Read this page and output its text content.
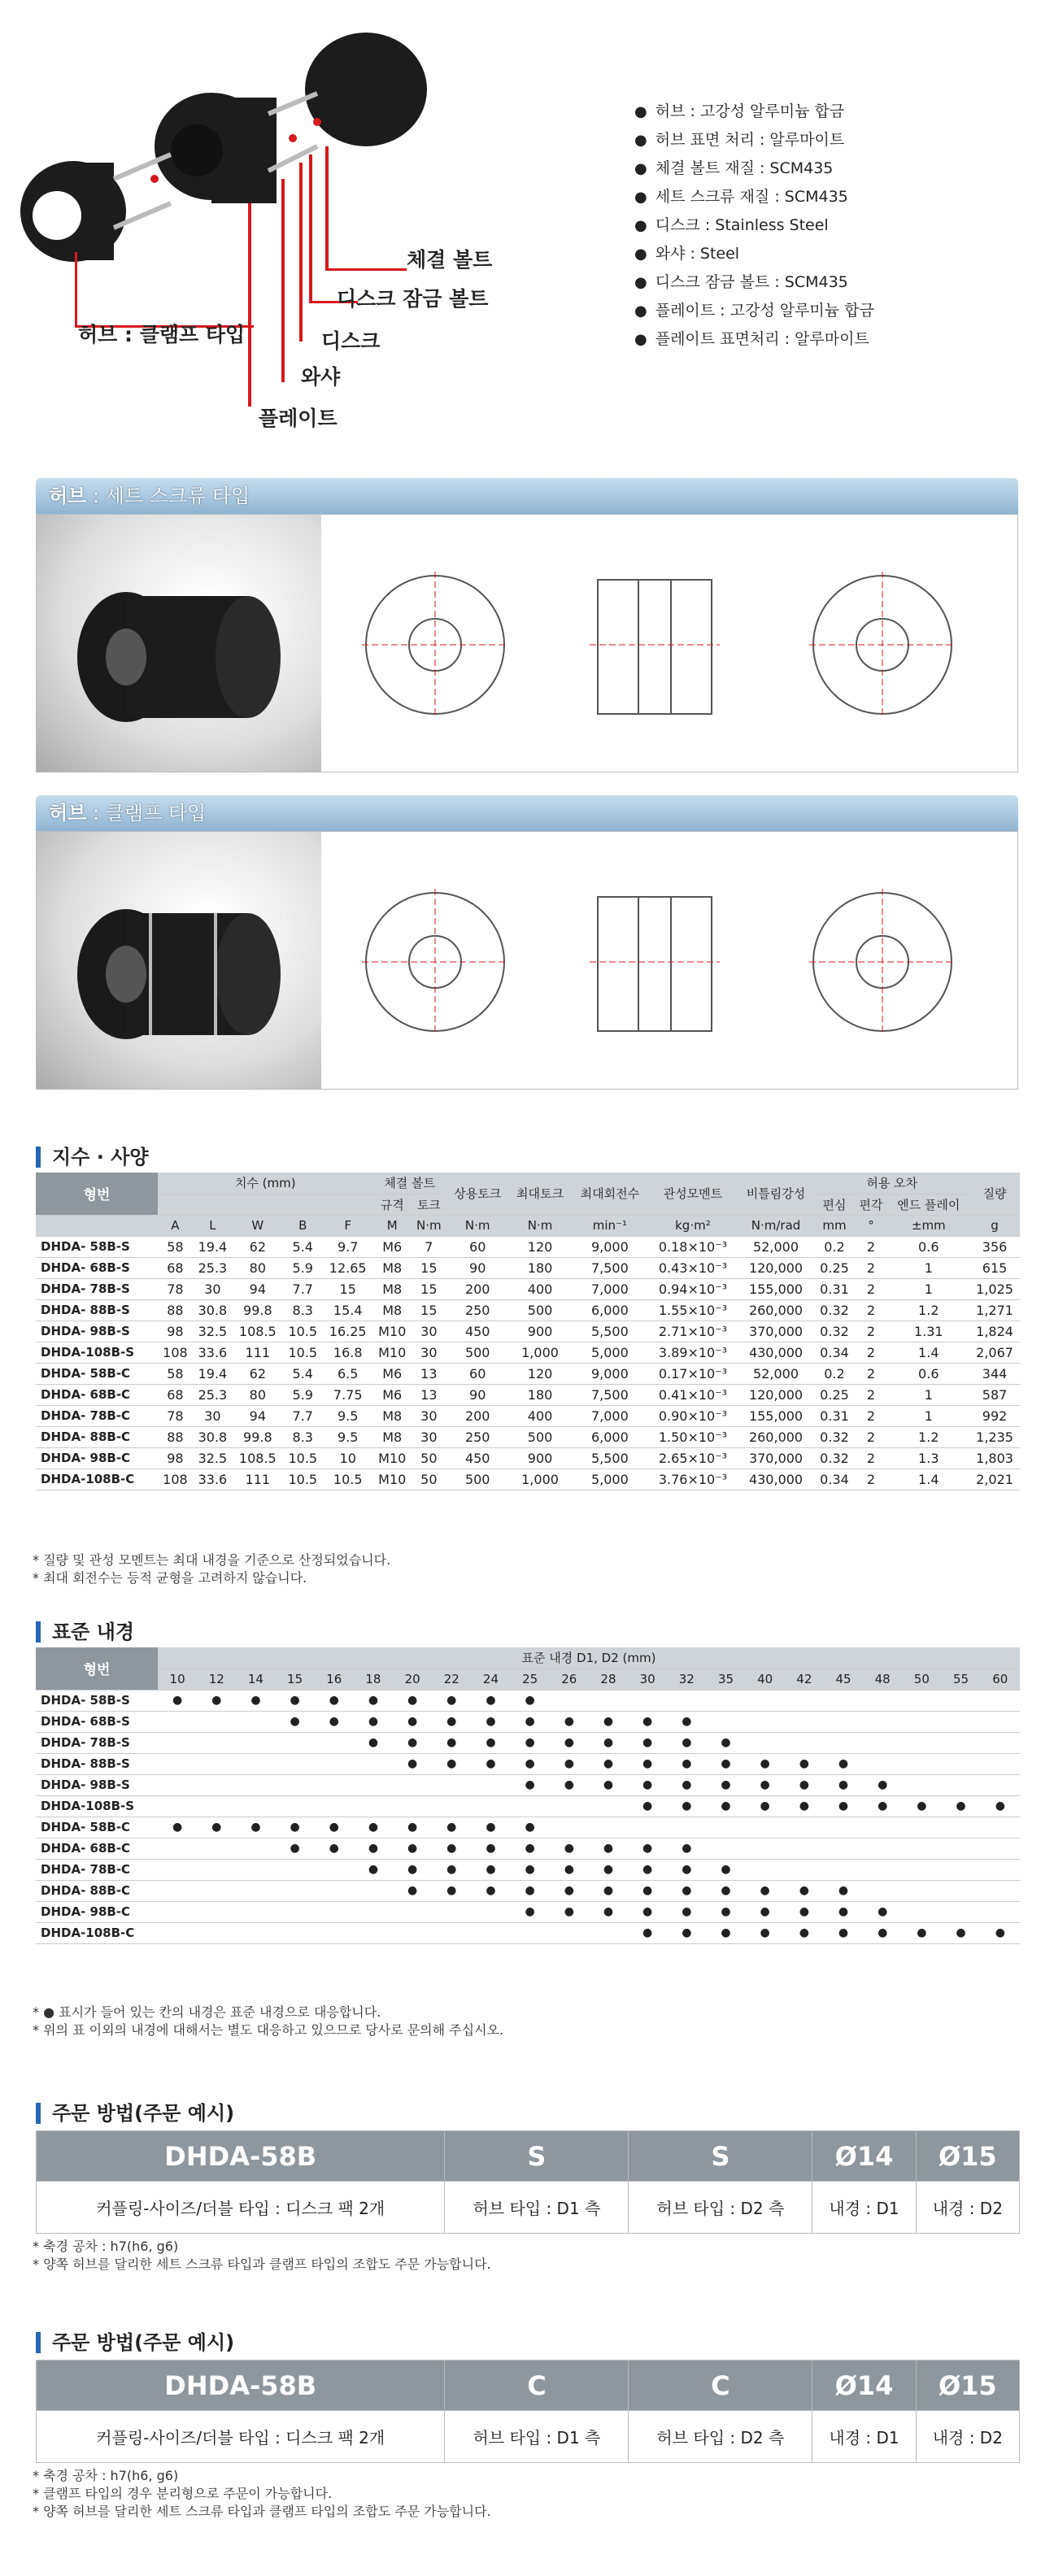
체결 볼트
디스크 잠금 볼트
허브 : 클램프 타입	디스크
와샤
플레이트
● 허브 : 고강성 알루미늄 합금
● 허브 표면 처리 : 알루마이트
● 체결 볼트 재질 : SCM435
● 세트 스크류 재질 : SCM435
● 디스크 : Stainless Steel
● 와샤 : Steel
● 디스크 잠금 볼트 : SCM435
● 플레이트 : 고강성 알루미늄 합금
● 플레이트 표면처리 : 알루마이트
허브 : 세트 스크류 타입
허브 : 클램프 타입
지수 · 사양
형번	치수 (mm)					체결 볼트		상용토크	최대토크	최대회전수	관성모멘트	비틀림강성	허용 오차			질량
						규격	토크						편심	편각	엔드 플레이	
	A	L	W	B	F	M	N·m	N·m	N·m	min⁻¹	kg·m²	N·m/rad	mm	°	±mm	g
DHDA- 58B-S	58	19.4	62	5.4	9.7	M6	7	60	120	9,000	0.18×10⁻³	52,000	0.2	2	0.6	356
DHDA- 68B-S	68	25.3	80	5.9	12.65	M8	15	90	180	7,500	0.43×10⁻³	120,000	0.25	2	1	615
DHDA- 78B-S	78	30	94	7.7	15	M8	15	200	400	7,000	0.94×10⁻³	155,000	0.31	2	1	1,025
DHDA- 88B-S	88	30.8	99.8	8.3	15.4	M8	15	250	500	6,000	1.55×10⁻³	260,000	0.32	2	1.2	1,271
DHDA- 98B-S	98	32.5	108.5	10.5	16.25	M10	30	450	900	5,500	2.71×10⁻³	370,000	0.32	2	1.31	1,824
DHDA-108B-S	108	33.6	111	10.5	16.8	M10	30	500	1,000	5,000	3.89×10⁻³	430,000	0.34	2	1.4	2,067
DHDA- 58B-C	58	19.4	62	5.4	6.5	M6	13	60	120	9,000	0.17×10⁻³	52,000	0.2	2	0.6	344
DHDA- 68B-C	68	25.3	80	5.9	7.75	M6	13	90	180	7,500	0.41×10⁻³	120,000	0.25	2	1	587
DHDA- 78B-C	78	30	94	7.7	9.5	M8	30	200	400	7,000	0.90×10⁻³	155,000	0.31	2	1	992
DHDA- 88B-C	88	30.8	99.8	8.3	9.5	M8	30	250	500	6,000	1.50×10⁻³	260,000	0.32	2	1.2	1,235
DHDA- 98B-C	98	32.5	108.5	10.5	10	M10	50	450	900	5,500	2.65×10⁻³	370,000	0.32	2	1.3	1,803
DHDA-108B-C	108	33.6	111	10.5	10.5	M10	50	500	1,000	5,000	3.76×10⁻³	430,000	0.34	2	1.4	2,021
* 질량 및 관성 모멘트는 최대 내경을 기준으로 산정되었습니다.
* 최대 회전수는 등적 균형을 고려하지 않습니다.
표준 내경
형번	표준 내경 D1, D2 (mm)																					
	10	12	14	15	16	18	20	22	24	25	26	28	30	32	35	40	42	45	48	50	55	60
DHDA- 58B-S	●	●	●	●	●	●	●	●	●	●												
DHDA- 68B-S				●	●	●	●	●	●	●	●	●	●	●								
DHDA- 78B-S						●	●	●	●	●	●	●	●	●	●							
DHDA- 88B-S							●	●	●	●	●	●	●	●	●	●	●	●				
DHDA- 98B-S										●	●	●	●	●	●	●	●	●	●			
DHDA-108B-S													●	●	●	●	●	●	●	●	●	●
DHDA- 58B-C	●	●	●	●	●	●	●	●	●	●												
DHDA- 68B-C				●	●	●	●	●	●	●	●	●	●	●								
DHDA- 78B-C						●	●	●	●	●	●	●	●	●	●							
DHDA- 88B-C							●	●	●	●	●	●	●	●	●	●	●	●				
DHDA- 98B-C										●	●	●	●	●	●	●	●	●	●			
DHDA-108B-C													●	●	●	●	●	●	●	●	●	●
* ● 표시가 들어 있는 칸의 내경은 표준 내경으로 대응합니다.
* 위의 표 이외의 내경에 대해서는 별도 대응하고 있으므로 당사로 문의해 주십시오.
주문 방법(주문 예시)
DHDA-58B	S	S	Ø14	Ø15
커플링-사이즈/더블 타입 : 디스크 팩 2개	허브 타입 : D1 측	허브 타입 : D2 측	내경 : D1	내경 : D2
* 축경 공차 : h7(h6, g6)
* 양쪽 허브를 달리한 세트 스크류 타입과 클램프 타입의 조합도 주문 가능합니다.
주문 방법(주문 예시)
DHDA-58B	C	C	Ø14	Ø15
커플링-사이즈/더블 타입 : 디스크 팩 2개	허브 타입 : D1 측	허브 타입 : D2 측	내경 : D1	내경 : D2
* 축경 공차 : h7(h6, g6)
* 클램프 타입의 경우 분리형으로 주문이 가능합니다.
* 양쪽 허브를 달리한 세트 스크류 타입과 클램프 타입의 조합도 주문 가능합니다.
